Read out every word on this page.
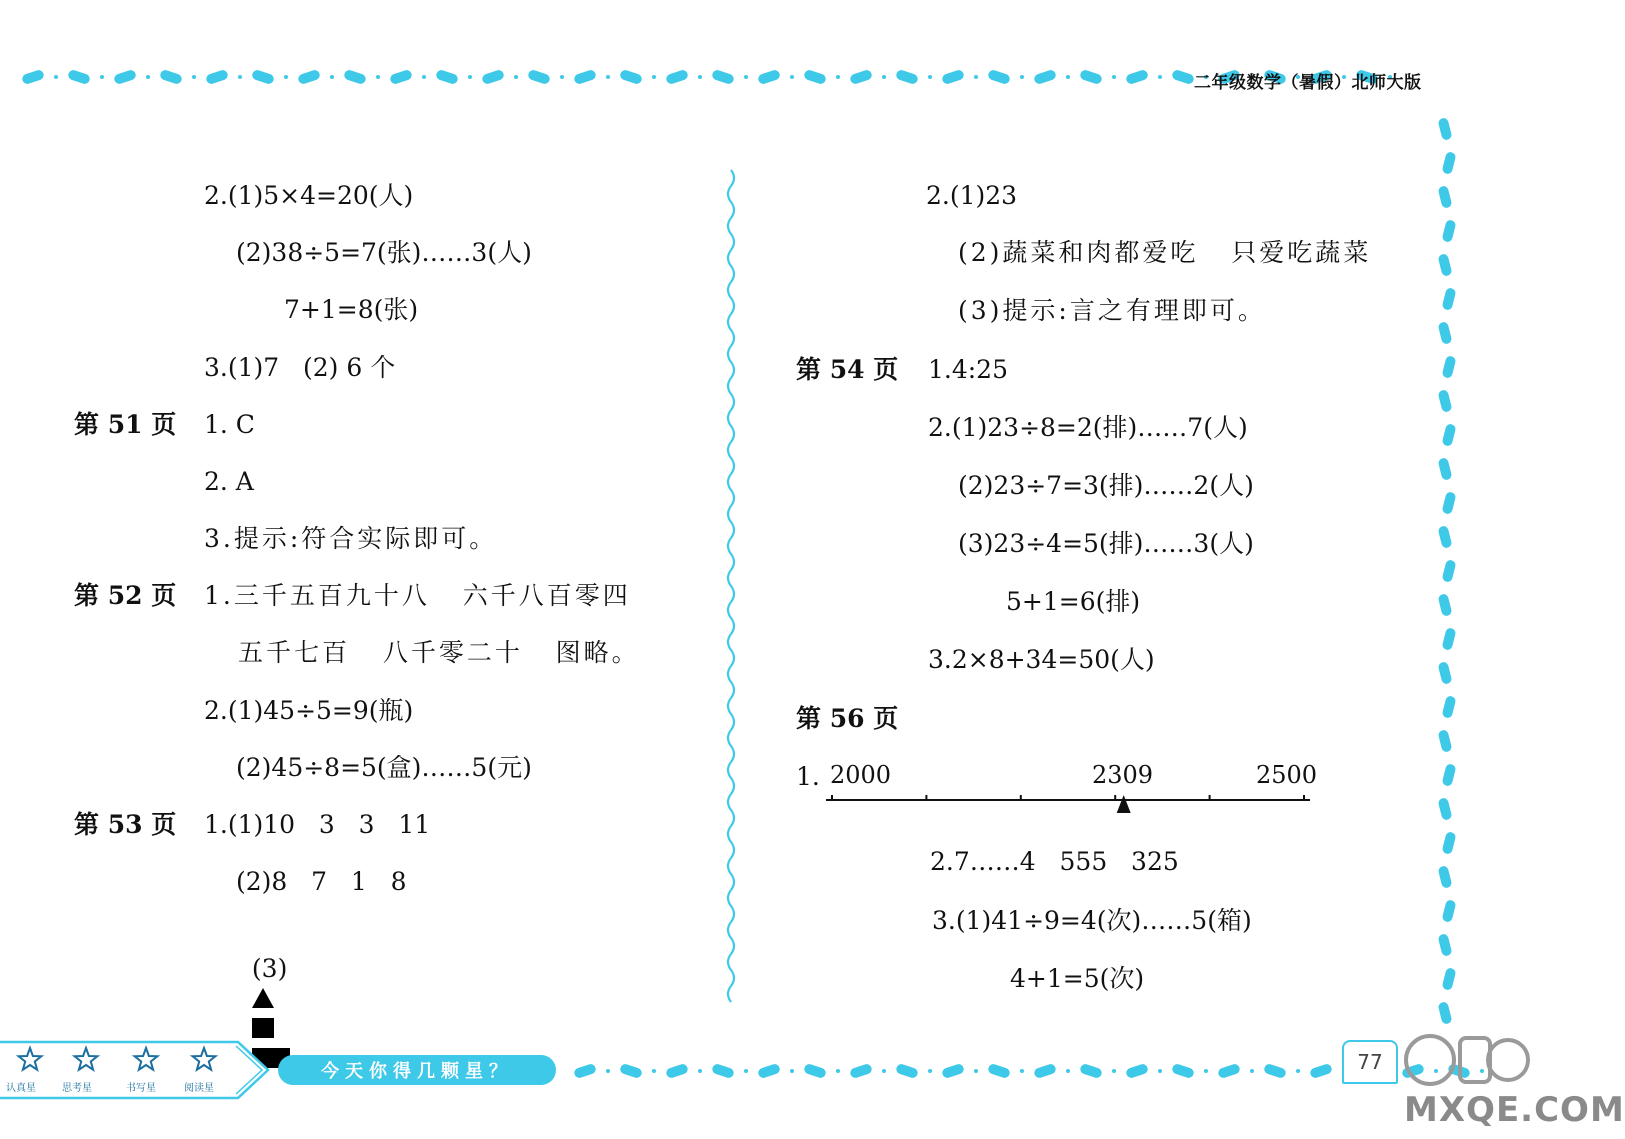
二年级数学（暑假）北师大版
2.(1)5×4=20(人)
(2)38÷5=7(张)……3(人)
7+1=8(张)
3.(1)7   (2) 6 个
第 51 页 1. C
2. A
3.提示:符合实际即可。
第 52 页 1.三千五百九十八   六千八百零四
五千七百   八千零二十   图略。
2.(1)45÷5=9(瓶)
(2)45÷8=5(盒)……5(元)
第 53 页 1.(1)10   3   3   11
(2)8   7   1   8

(3)

2.(1)23
(2)蔬菜和肉都爱吃   只爱吃蔬菜
(3)提示:言之有理即可。
第 54 页 1.4:25
2.(1)23÷8=2(排)……7(人)
(2)23÷7=3(排)……2(人)
(3)23÷4=5(排)……3(人)
5+1=6(排)
3.2×8+34=50(人)
第 56 页
1. 2000	2309	2500
2.7……4   555   325
3.(1)41÷9=4(次)……5(箱)
4+1=5(次)
认真星	思考星	书写星	阅读星
今天你得几颗星？	77
MXQE.COM
